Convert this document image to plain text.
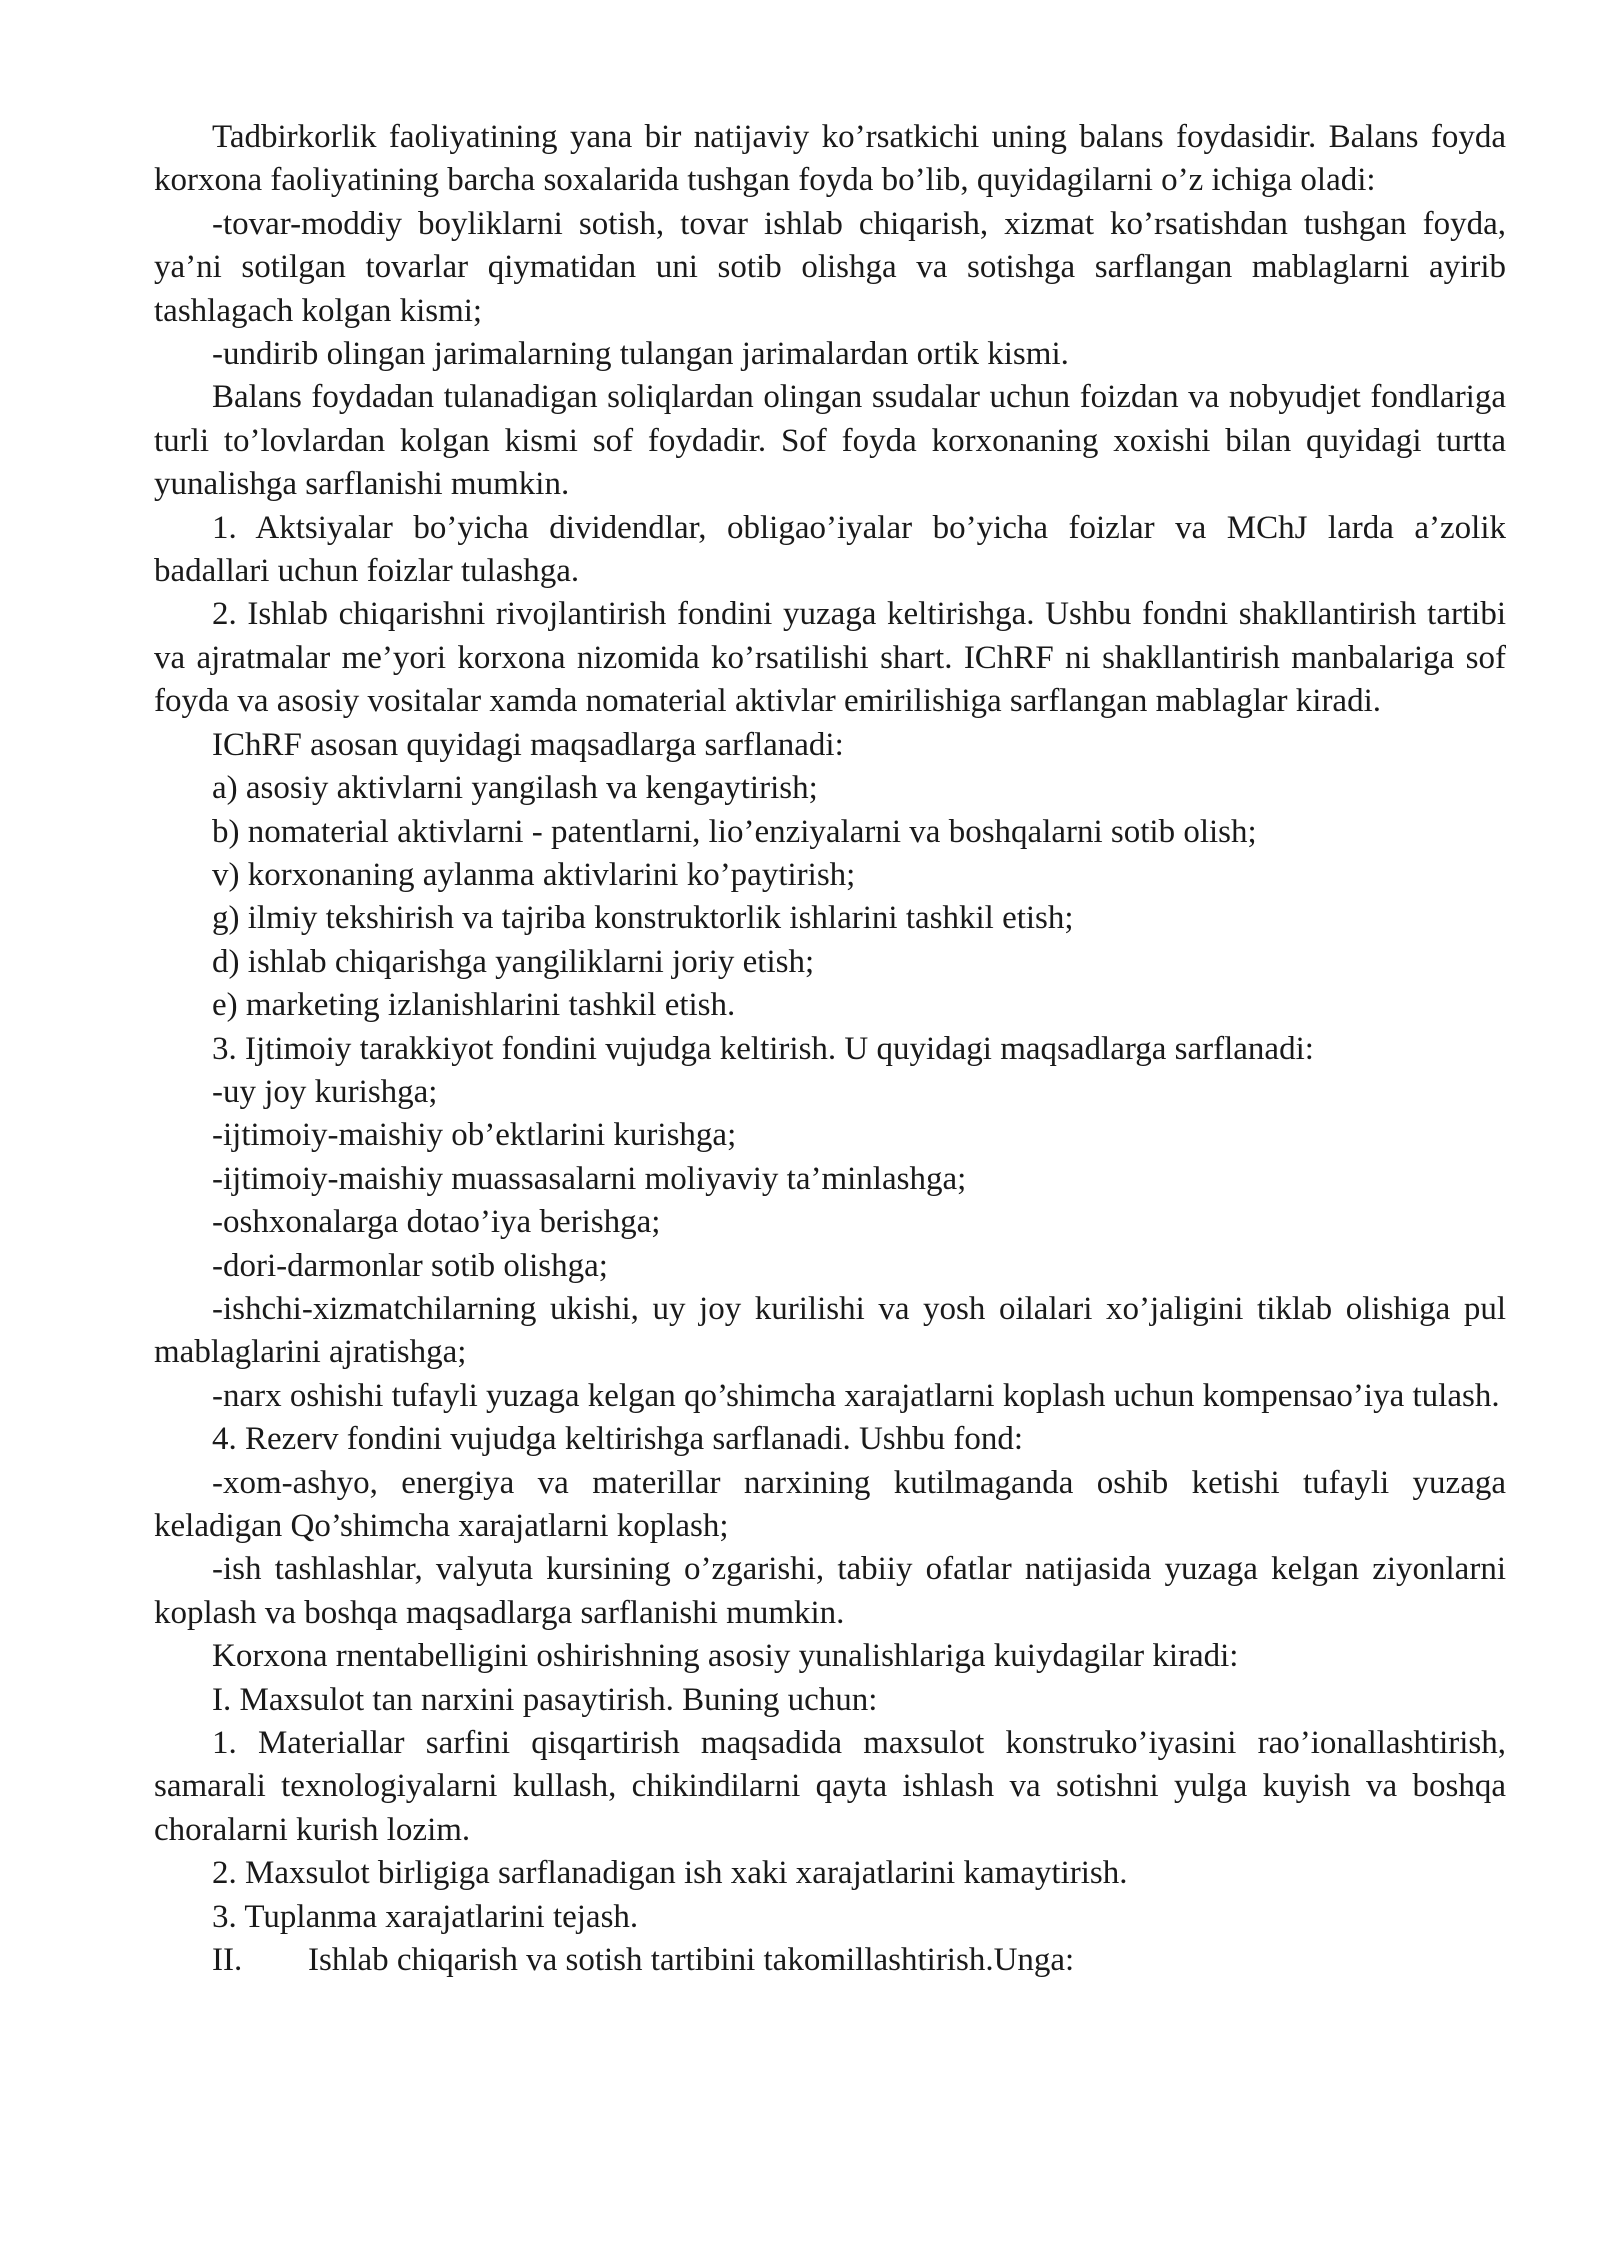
Tadbirkorlik faoliyatining yana bir natijaviy ko’rsatkichi uning balans foydasidir. Balans foyda korxona faoliyatining barcha soxalarida tushgan foyda bo’lib, quyidagilarni o’z ichiga oladi:

-tovar-moddiy boyliklarni sotish, tovar ishlab chiqarish, xizmat ko’rsatishdan tushgan foyda, ya’ni sotilgan tovarlar qiymatidan uni sotib olishga va sotishga sarflangan mablaglarni ayirib tashlagach kolgan kismi;

-undirib olingan jarimalarning tulangan jarimalardan ortik kismi.

Balans foydadan tulanadigan soliqlardan olingan ssudalar uchun foizdan va nobyudjet fondlariga turli to’lovlardan kolgan kismi sof foydadir. Sof foyda korxonaning xoxishi bilan quyidagi turtta yunalishga sarflanishi mumkin.

1. Aktsiyalar bo’yicha dividendlar, obligao’iyalar bo’yicha foizlar va MChJ larda a’zolik badallari uchun foizlar tulashga.

2. Ishlab chiqarishni rivojlantirish fondini yuzaga keltirishga. Ushbu fondni shakllantirish tartibi va ajratmalar me’yori korxona nizomida ko’rsatilishi shart. IChRF ni shakllantirish manbalariga sof foyda va asosiy vositalar xamda nomaterial aktivlar emirilishiga sarflangan mablaglar kiradi.

IChRF asosan quyidagi maqsadlarga sarflanadi:

a) asosiy aktivlarni yangilash va kengaytirish;

b) nomaterial aktivlarni - patentlarni, lio’enziyalarni va boshqalarni sotib olish;

v) korxonaning aylanma aktivlarini ko’paytirish;

g) ilmiy tekshirish va tajriba konstruktorlik ishlarini tashkil etish;

d) ishlab chiqarishga yangiliklarni joriy etish;

e) marketing izlanishlarini tashkil etish.

3. Ijtimoiy tarakkiyot fondini vujudga keltirish. U quyidagi maqsadlarga sarflanadi:

-uy joy kurishga;

-ijtimoiy-maishiy ob’ektlarini kurishga;

-ijtimoiy-maishiy muassasalarni moliyaviy ta’minlashga;

-oshxonalarga dotao’iya berishga;

-dori-darmonlar sotib olishga;

-ishchi-xizmatchilarning ukishi, uy joy kurilishi va yosh oilalari xo’jaligini tiklab olishiga pul mablaglarini ajratishga;

-narx oshishi tufayli yuzaga kelgan qo’shimcha xarajatlarni koplash uchun kompensao’iya tulash.

4. Rezerv fondini vujudga keltirishga sarflanadi. Ushbu fond:

-xom-ashyo, energiya va materillar narxining kutilmaganda oshib ketishi tufayli yuzaga keladigan Qo’shimcha xarajatlarni koplash;

-ish tashlashlar, valyuta kursining o’zgarishi, tabiiy ofatlar natijasida yuzaga kelgan ziyonlarni koplash va boshqa maqsadlarga sarflanishi mumkin.

Korxona rnentabelligini oshirishning asosiy yunalishlariga kuiydagilar kiradi:

I. Maxsulot tan narxini pasaytirish. Buning uchun:

1. Materiallar sarfini qisqartirish maqsadida maxsulot konstruko’iyasini rao’ionallashtirish, samarali texnologiyalarni kullash, chikindilarni qayta ishlash va sotishni yulga kuyish va boshqa choralarni kurish lozim.

2. Maxsulot birligiga sarflanadigan ish xaki xarajatlarini kamaytirish.

3. Tuplanma xarajatlarini tejash.

II. Ishlab chiqarish va sotish tartibini takomillashtirish.Unga:
